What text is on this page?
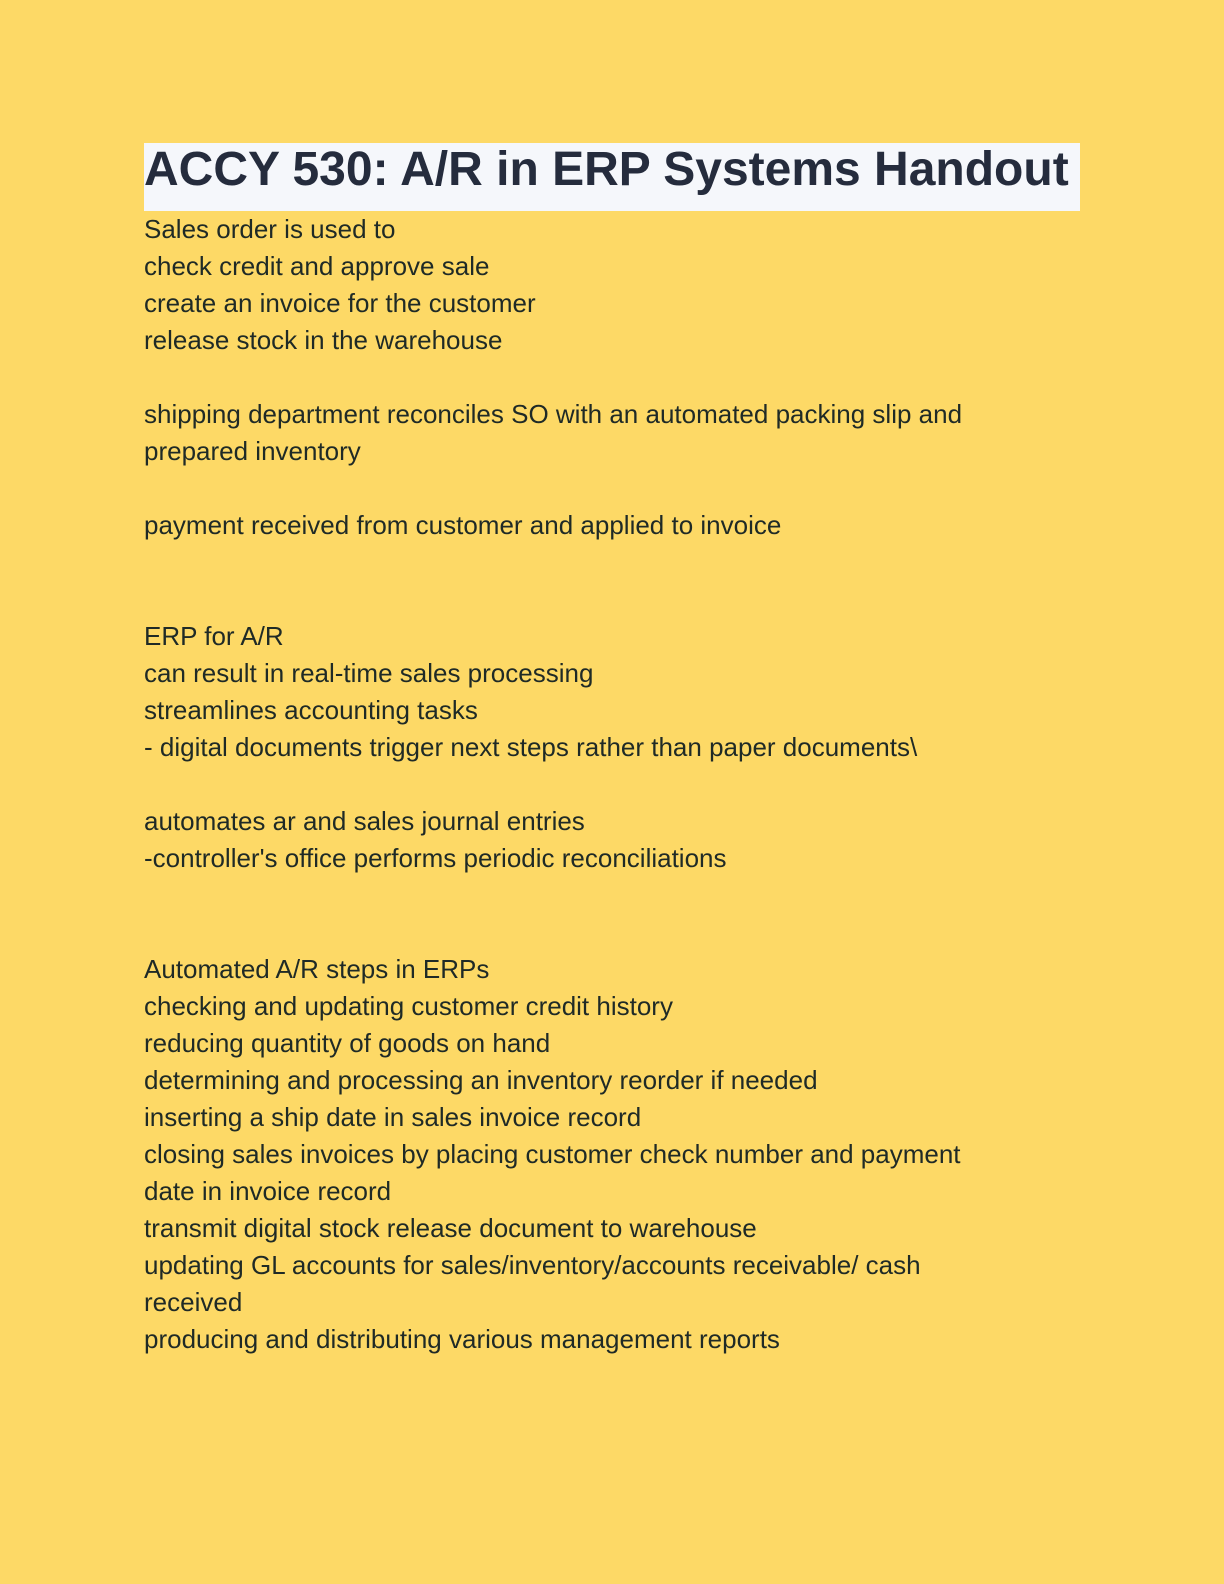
ACCY 530: A/R in ERP Systems Handout
Sales order is used to
check credit and approve sale
create an invoice for the customer
release stock in the warehouse
shipping department reconciles SO with an automated packing slip and
prepared inventory
payment received from customer and applied to invoice
ERP for A/R
can result in real-time sales processing
streamlines accounting tasks
- digital documents trigger next steps rather than paper documents\
automates ar and sales journal entries
-controller's office performs periodic reconciliations
Automated A/R steps in ERPs
checking and updating customer credit history
reducing quantity of goods on hand
determining and processing an inventory reorder if needed
inserting a ship date in sales invoice record
closing sales invoices by placing customer check number and payment
date in invoice record
transmit digital stock release document to warehouse
updating GL accounts for sales/inventory/accounts receivable/ cash
received
producing and distributing various management reports
